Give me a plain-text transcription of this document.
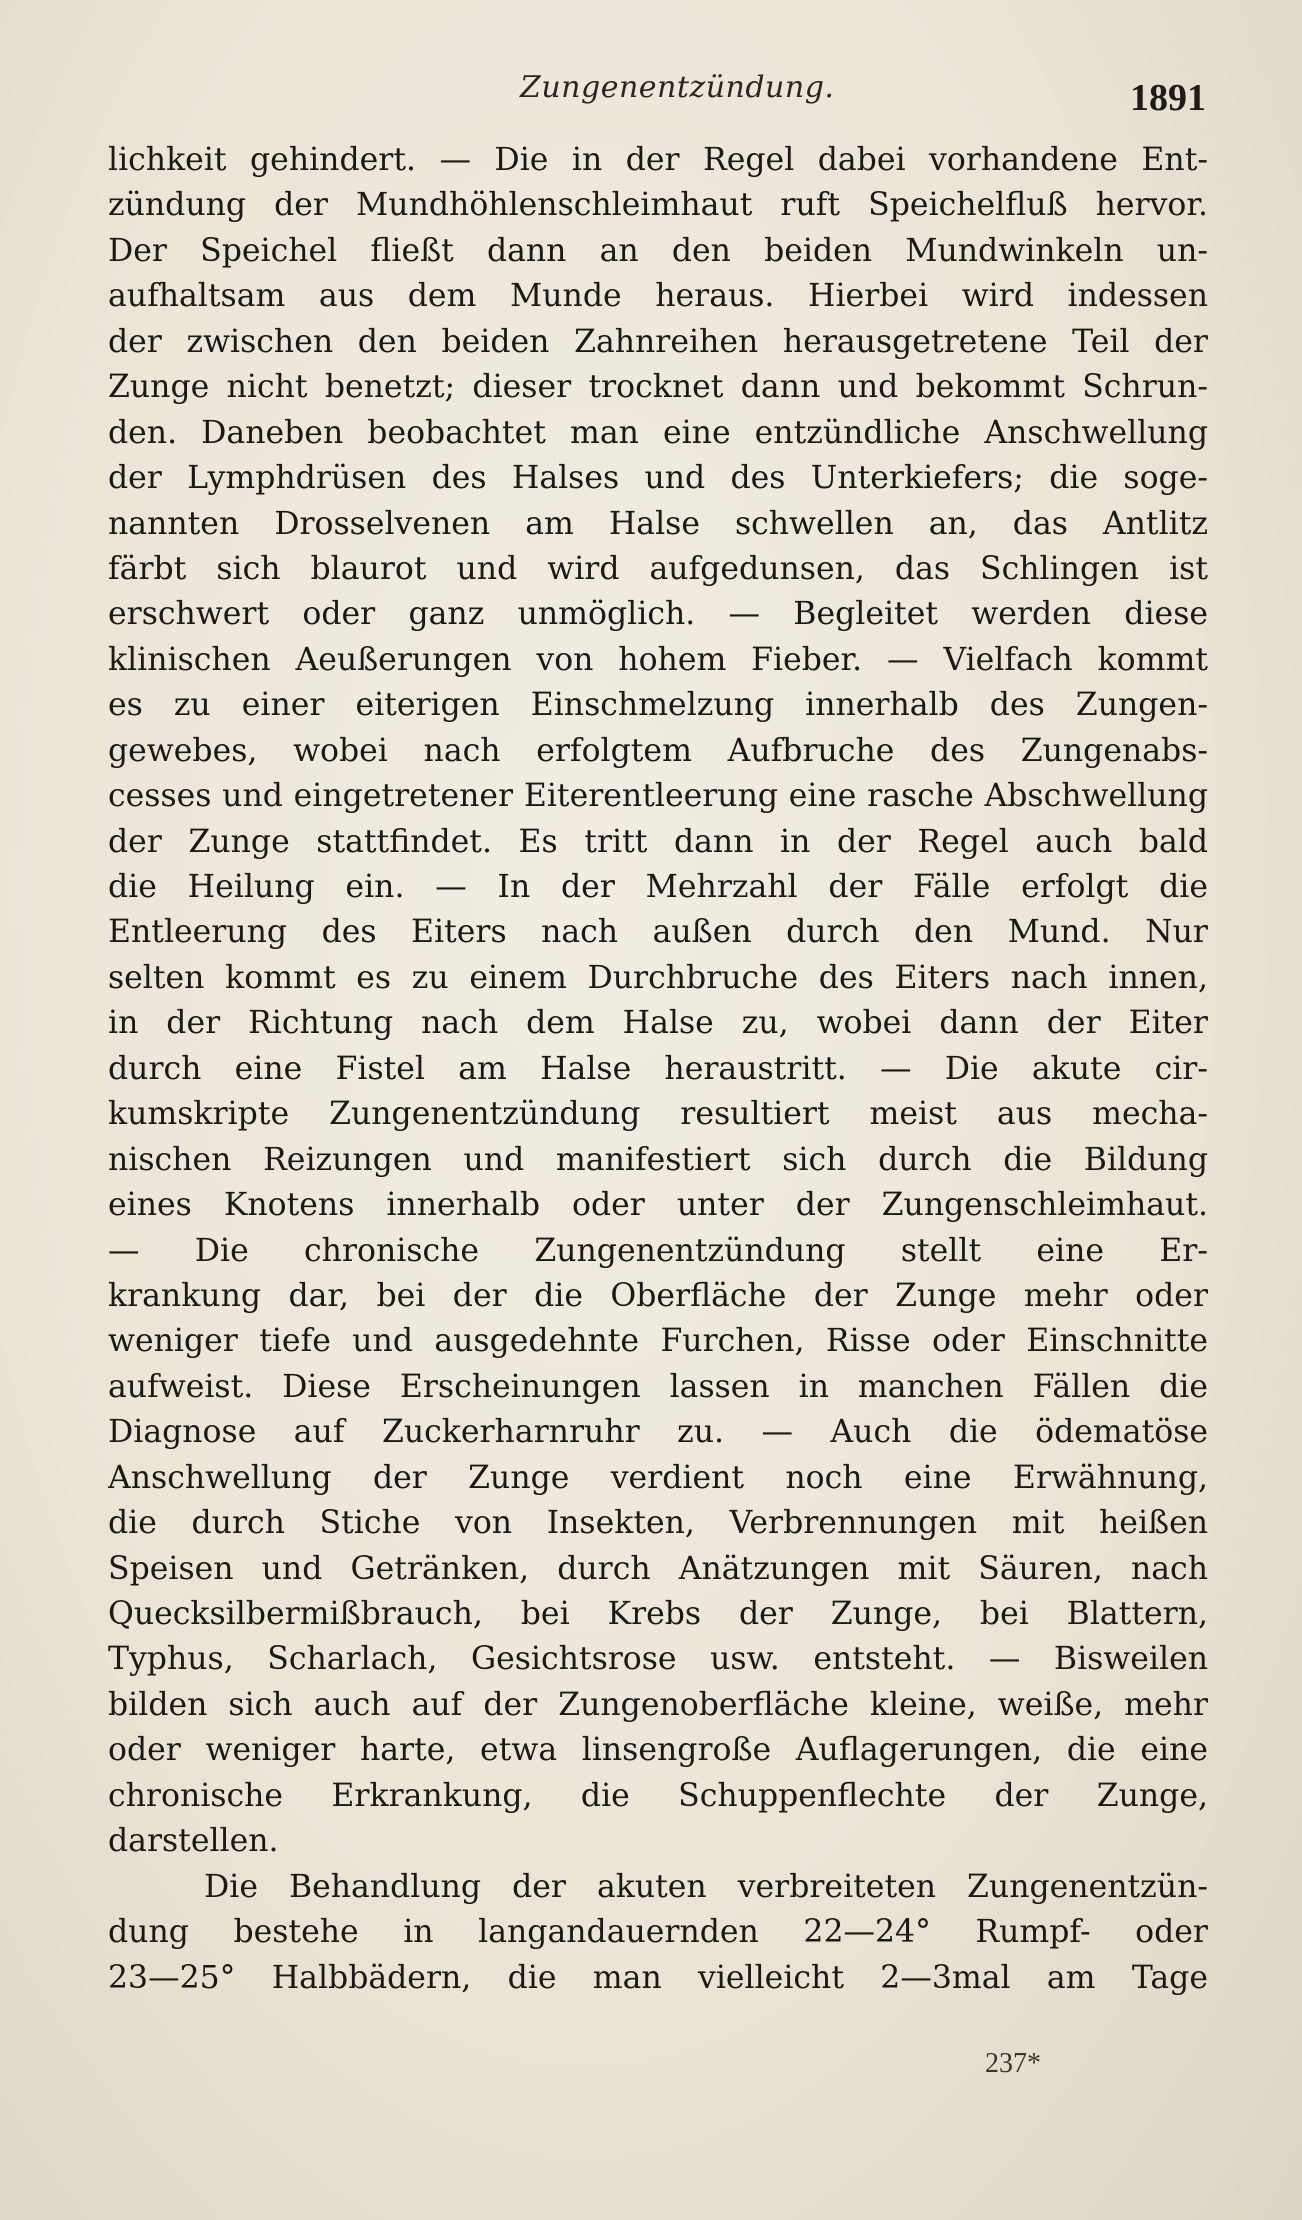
Zungenentzündung.	1891
lichkeit gehindert. — Die in der Regel dabei vorhandene Ent-
zündung der Mundhöhlenschleimhaut ruft Speichelfluß hervor.
Der Speichel fließt dann an den beiden Mundwinkeln un-
aufhaltsam aus dem Munde heraus. Hierbei wird indessen
der zwischen den beiden Zahnreihen herausgetretene Teil der
Zunge nicht benetzt; dieser trocknet dann und bekommt Schrun-
den. Daneben beobachtet man eine entzündliche Anschwellung
der Lymphdrüsen des Halses und des Unterkiefers; die soge-
nannten Drosselvenen am Halse schwellen an, das Antlitz
färbt sich blaurot und wird aufgedunsen, das Schlingen ist
erschwert oder ganz unmöglich. — Begleitet werden diese
klinischen Aeußerungen von hohem Fieber. — Vielfach kommt
es zu einer eiterigen Einschmelzung innerhalb des Zungen-
gewebes, wobei nach erfolgtem Aufbruche des Zungenabs-
cesses und eingetretener Eiterentleerung eine rasche Abschwellung
der Zunge stattfindet. Es tritt dann in der Regel auch bald
die Heilung ein. — In der Mehrzahl der Fälle erfolgt die
Entleerung des Eiters nach außen durch den Mund. Nur
selten kommt es zu einem Durchbruche des Eiters nach innen,
in der Richtung nach dem Halse zu, wobei dann der Eiter
durch eine Fistel am Halse heraustritt. — Die akute cir-
kumskripte Zungenentzündung resultiert meist aus mecha-
nischen Reizungen und manifestiert sich durch die Bildung
eines Knotens innerhalb oder unter der Zungenschleimhaut.
— Die chronische Zungenentzündung stellt eine Er-
krankung dar, bei der die Oberfläche der Zunge mehr oder
weniger tiefe und ausgedehnte Furchen, Risse oder Einschnitte
aufweist. Diese Erscheinungen lassen in manchen Fällen die
Diagnose auf Zuckerharnruhr zu. — Auch die ödematöse
Anschwellung der Zunge verdient noch eine Erwähnung,
die durch Stiche von Insekten, Verbrennungen mit heißen
Speisen und Getränken, durch Anätzungen mit Säuren, nach
Quecksilbermißbrauch, bei Krebs der Zunge, bei Blattern,
Typhus, Scharlach, Gesichtsrose usw. entsteht. — Bisweilen
bilden sich auch auf der Zungenoberfläche kleine, weiße, mehr
oder weniger harte, etwa linsengroße Auflagerungen, die eine
chronische Erkrankung, die Schuppenflechte der Zunge,
darstellen.
Die Behandlung der akuten verbreiteten Zungenentzün-
dung bestehe in langandauernden 22—24° Rumpf- oder
23—25° Halbbädern, die man vielleicht 2—3mal am Tage
237*
